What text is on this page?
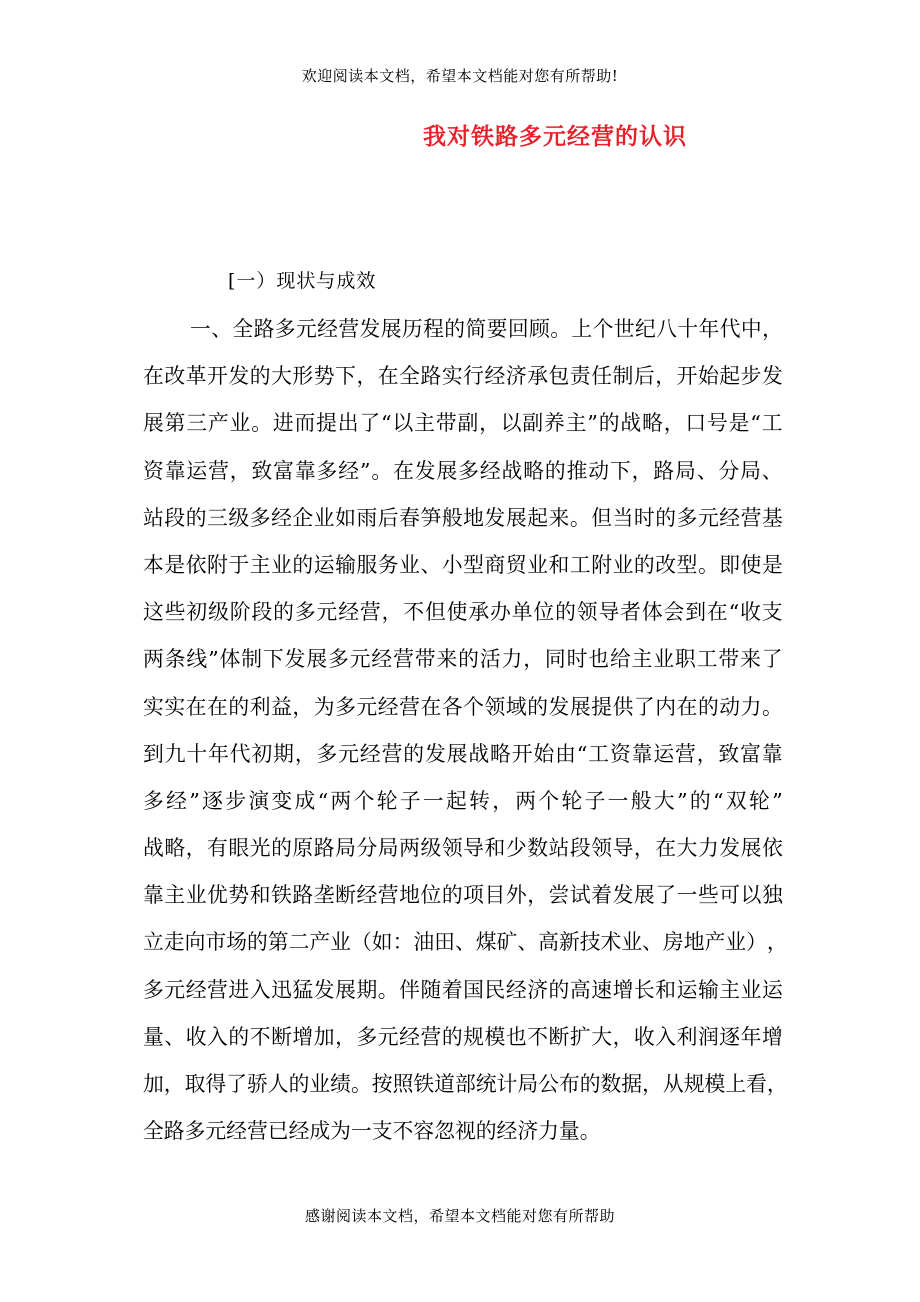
欢迎阅读本文档，希望本文档能对您有所帮助!
我对铁路多元经营的认识
[一）现状与成效
一 、 全 路 多 元 经 营 发 展 历 程 的 简 要 回 顾 。 上 个 世 纪 八 十 年 代 中 ，
在 改 革 开 发 的 大 形 势 下 ， 在 全 路 实 行 经 济 承 包 责 任 制 后 ， 开 始 起 步 发
展 第 三 产 业 。 进 而 提 出 了 “ 以 主 带 副 ， 以 副 养 主 ” 的 战 略 ， 口 号 是 “ 工
资 靠 运 营 ， 致 富 靠 多 经 ” 。 在 发 展 多 经 战 略 的 推 动 下 ， 路 局 、 分 局 、
站 段 的 三 级 多 经 企 业 如 雨 后 春 笋 般 地 发 展 起 来 。 但 当 时 的 多 元 经 营 基
本 是 依 附 于 主 业 的 运 输 服 务 业 、 小 型 商 贸 业 和 工 附 业 的 改 型 。 即 使 是
这 些 初 级 阶 段 的 多 元 经 营 ， 不 但 使 承 办 单 位 的 领 导 者 体 会 到 在 “ 收 支
两 条 线 ” 体 制 下 发 展 多 元 经 营 带 来 的 活 力 ， 同 时 也 给 主 业 职 工 带 来 了
实 实 在 在 的 利 益 ， 为 多 元 经 营 在 各 个 领 域 的 发 展 提 供 了 内 在 的 动 力 。
到 九 十 年 代 初 期 ， 多 元 经 营 的 发 展 战 略 开 始 由 “ 工 资 靠 运 营 ， 致 富 靠
多 经 ” 逐 步 演 变 成 “ 两 个 轮 子 一 起 转 ， 两 个 轮 子 一 般 大 ” 的 “ 双 轮 ”
战 略 ， 有 眼 光 的 原 路 局 分 局 两 级 领 导 和 少 数 站 段 领 导 ， 在 大 力 发 展 依
靠 主 业 优 势 和 铁 路 垄 断 经 营 地 位 的 项 目 外 ， 尝 试 着 发 展 了 一 些 可 以 独
立 走 向 市 场 的 第 二 产 业 （ 如 ： 油 田 、 煤 矿 、 高 新 技 术 业 、 房 地 产 业 ） ，
多 元 经 营 进 入 迅 猛 发 展 期 。 伴 随 着 国 民 经 济 的 高 速 增 长 和 运 输 主 业 运
量 、 收 入 的 不 断 增 加 ， 多 元 经 营 的 规 模 也 不 断 扩 大 ， 收 入 利 润 逐 年 增
加 ， 取 得 了 骄 人 的 业 绩 。 按 照 铁 道 部 统 计 局 公 布 的 数 据 ， 从 规 模 上 看 ，
全路多元经营已经成为一支不容忽视的经济力量。
感谢阅读本文档，希望本文档能对您有所帮助
